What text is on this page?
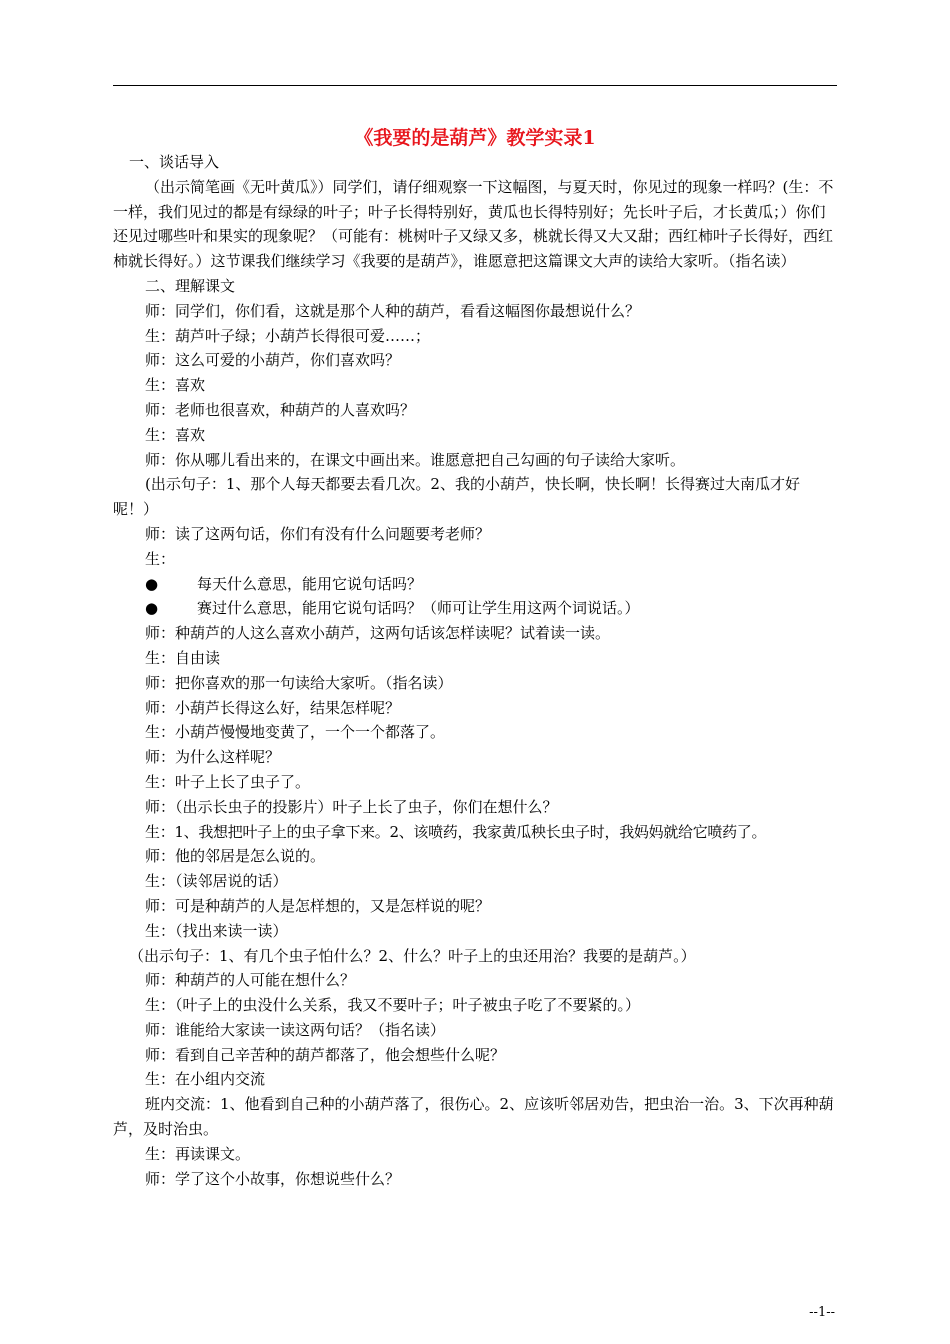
《我要的是葫芦》教学实录1

一、谈话导入

（出示简笔画《无叶黄瓜》）同学们，请仔细观察一下这幅图，与夏天时，你见过的现象一样吗？(生：不一样，我们见过的都是有绿绿的叶子；叶子长得特别好，黄瓜也长得特别好；先长叶子后，才长黄瓜；）你们还见过哪些叶和果实的现象呢？（可能有：桃树叶子又绿又多，桃就长得又大又甜；西红柿叶子长得好，西红柿就长得好。）这节课我们继续学习《我要的是葫芦》，谁愿意把这篇课文大声的读给大家听。（指名读）

二、理解课文

师：同学们，你们看，这就是那个人种的葫芦，看看这幅图你最想说什么？

生：葫芦叶子绿；小葫芦长得很可爱……；

师：这么可爱的小葫芦，你们喜欢吗？

生：喜欢

师：老师也很喜欢，种葫芦的人喜欢吗？

生：喜欢

师：你从哪儿看出来的，在课文中画出来。谁愿意把自己勾画的句子读给大家听。

(出示句子：1、那个人每天都要去看几次。2、我的小葫芦，快长啊，快长啊！长得赛过大南瓜才好呢！）

师：读了这两句话，你们有没有什么问题要考老师？

生：

●	每天什么意思，能用它说句话吗？

●	赛过什么意思，能用它说句话吗？（师可让学生用这两个词说话。）

师：种葫芦的人这么喜欢小葫芦，这两句话该怎样读呢？试着读一读。

生：自由读

师：把你喜欢的那一句读给大家听。（指名读）

师：小葫芦长得这么好，结果怎样呢？

生：小葫芦慢慢地变黄了，一个一个都落了。

师：为什么这样呢？

生：叶子上长了虫子了。

师：（出示长虫子的投影片）叶子上长了虫子，你们在想什么？

生：1、我想把叶子上的虫子拿下来。2、该喷药，我家黄瓜秧长虫子时，我妈妈就给它喷药了。

师：他的邻居是怎么说的。

生：（读邻居说的话）

师：可是种葫芦的人是怎样想的，又是怎样说的呢？

生：（找出来读一读）

（出示句子：1、有几个虫子怕什么？2、什么？叶子上的虫还用治？我要的是葫芦。）

师：种葫芦的人可能在想什么？

生：（叶子上的虫没什么关系，我又不要叶子；叶子被虫子吃了不要紧的。）

师：谁能给大家读一读这两句话？（指名读）

师：看到自己辛苦种的葫芦都落了，他会想些什么呢？

生：在小组内交流

班内交流：1、他看到自己种的小葫芦落了，很伤心。2、应该听邻居劝告，把虫治一治。3、下次再种葫芦，及时治虫。

生：再读课文。

师：学了这个小故事，你想说些什么？

--1--
